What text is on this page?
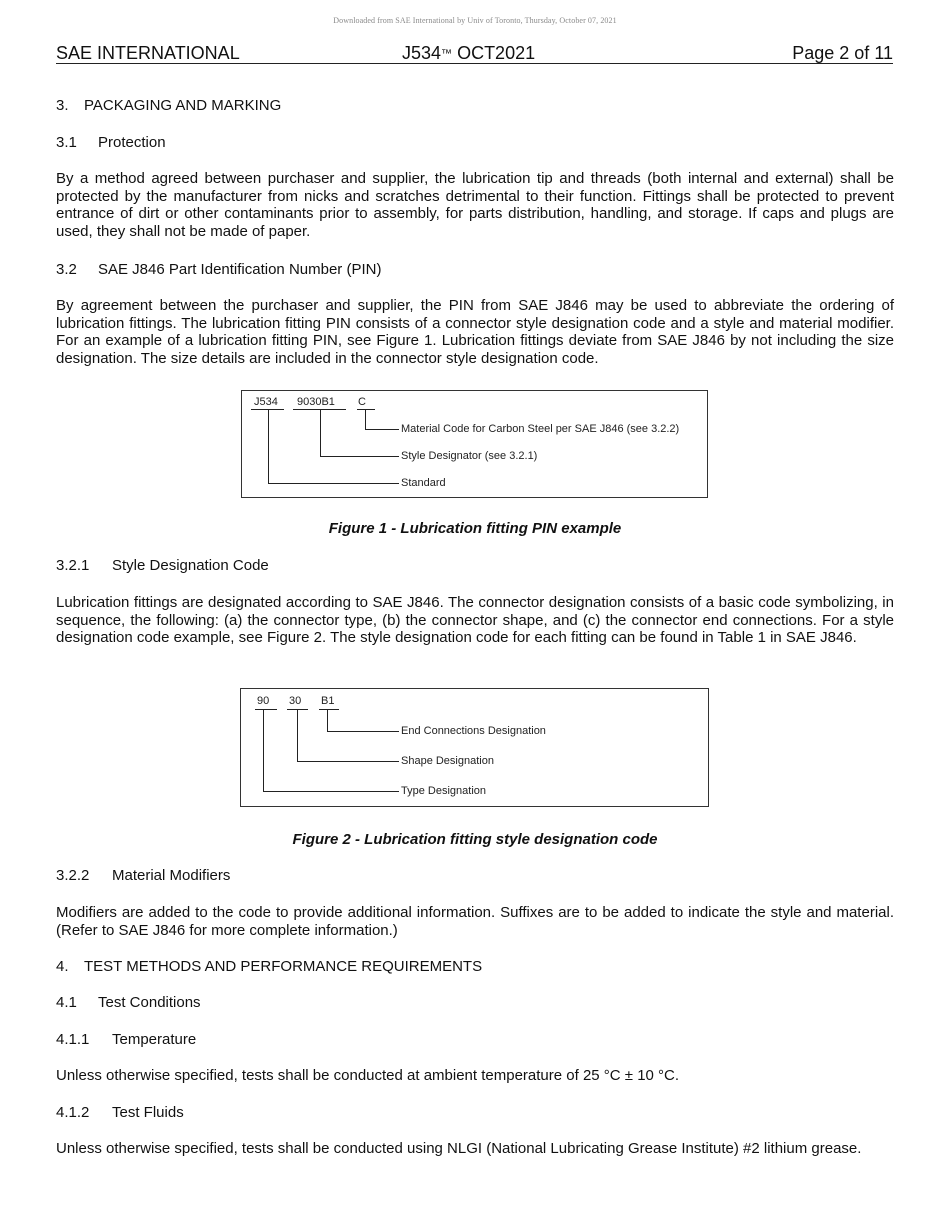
Downloaded from SAE International by Univ of Toronto, Thursday, October 07, 2021
SAE INTERNATIONAL	J534™ OCT2021	Page 2 of 11
3. PACKAGING AND MARKING
3.1 Protection
By a method agreed between purchaser and supplier, the lubrication tip and threads (both internal and external) shall be protected by the manufacturer from nicks and scratches detrimental to their function. Fittings shall be protected to prevent entrance of dirt or other contaminants prior to assembly, for parts distribution, handling, and storage. If caps and plugs are used, they shall not be made of paper.
3.2 SAE J846 Part Identification Number (PIN)
By agreement between the purchaser and supplier, the PIN from SAE J846 may be used to abbreviate the ordering of lubrication fittings. The lubrication fitting PIN consists of a connector style designation code and a style and material modifier. For an example of a lubrication fitting PIN, see Figure 1. Lubrication fittings deviate from SAE J846 by not including the size designation. The size details are included in the connector style designation code.
J534 9030B1 C
Material Code for Carbon Steel per SAE J846 (see 3.2.2)
Style Designator (see 3.2.1)
Standard
Figure 1 - Lubrication fitting PIN example
3.2.1 Style Designation Code
Lubrication fittings are designated according to SAE J846. The connector designation consists of a basic code symbolizing, in sequence, the following: (a) the connector type, (b) the connector shape, and (c) the connector end connections. For a style designation code example, see Figure 2. The style designation code for each fitting can be found in Table 1 in SAE J846.
90 30 B1
End Connections Designation
Shape Designation
Type Designation
Figure 2 - Lubrication fitting style designation code
3.2.2 Material Modifiers
Modifiers are added to the code to provide additional information. Suffixes are to be added to indicate the style and material. (Refer to SAE J846 for more complete information.)
4. TEST METHODS AND PERFORMANCE REQUIREMENTS
4.1 Test Conditions
4.1.1 Temperature
Unless otherwise specified, tests shall be conducted at ambient temperature of 25 °C ± 10 °C.
4.1.2 Test Fluids
Unless otherwise specified, tests shall be conducted using NLGI (National Lubricating Grease Institute) #2 lithium grease.
